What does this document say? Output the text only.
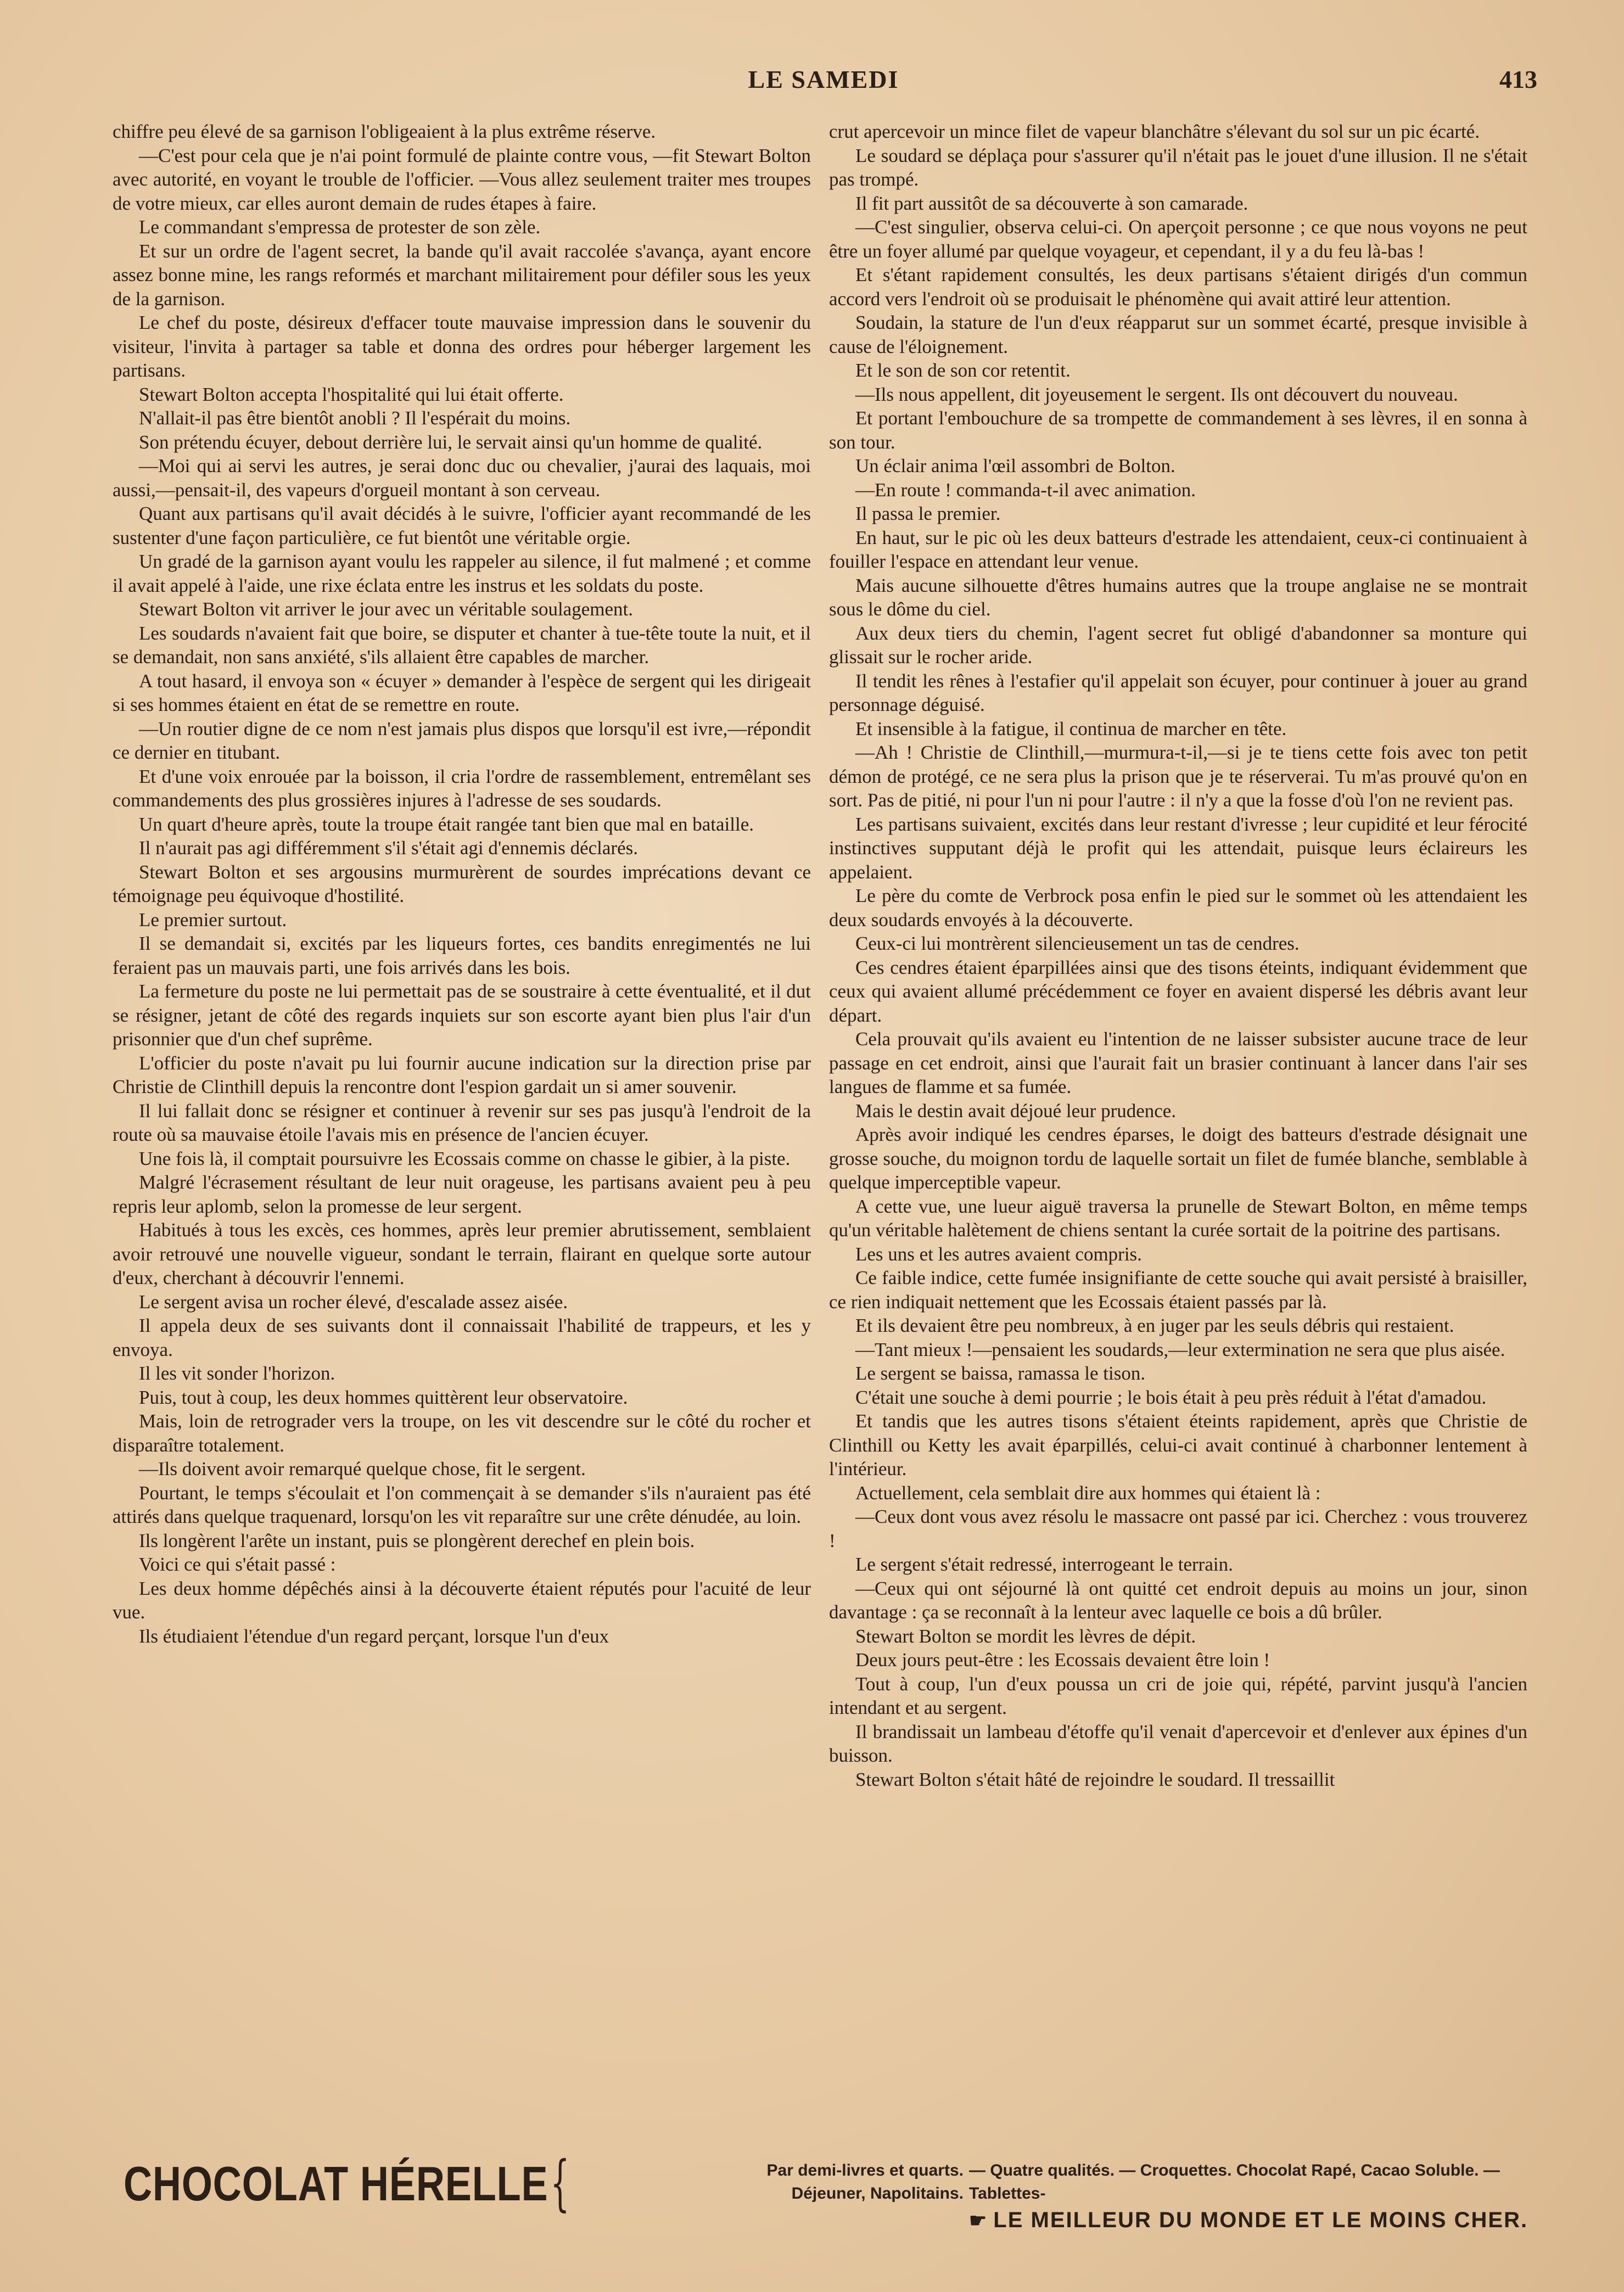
LE SAMEDI	413

chiffre peu élevé de sa garnison l'obligeaient à la plus extrême réserve.

—C'est pour cela que je n'ai point formulé de plainte contre vous, —fit Stewart Bolton avec autorité, en voyant le trouble de l'officier. —Vous allez seulement traiter mes troupes de votre mieux, car elles auront demain de rudes étapes à faire.

Le commandant s'empressa de protester de son zèle.

Et sur un ordre de l'agent secret, la bande qu'il avait raccolée s'avança, ayant encore assez bonne mine, les rangs reformés et marchant militairement pour défiler sous les yeux de la garnison.

Le chef du poste, désireux d'effacer toute mauvaise impression dans le souvenir du visiteur, l'invita à partager sa table et donna des ordres pour héberger largement les partisans.

Stewart Bolton accepta l'hospitalité qui lui était offerte.

N'allait-il pas être bientôt anobli ? Il l'espérait du moins.

Son prétendu écuyer, debout derrière lui, le servait ainsi qu'un homme de qualité.

—Moi qui ai servi les autres, je serai donc duc ou chevalier, j'aurai des laquais, moi aussi,—pensait-il, des vapeurs d'orgueil montant à son cerveau.

Quant aux partisans qu'il avait décidés à le suivre, l'officier ayant recommandé de les sustenter d'une façon particulière, ce fut bientôt une véritable orgie.

Un gradé de la garnison ayant voulu les rappeler au silence, il fut malmené ; et comme il avait appelé à l'aide, une rixe éclata entre les instrus et les soldats du poste.

Stewart Bolton vit arriver le jour avec un véritable soulagement.

Les soudards n'avaient fait que boire, se disputer et chanter à tue-tête toute la nuit, et il se demandait, non sans anxiété, s'ils allaient être capables de marcher.

A tout hasard, il envoya son « écuyer » demander à l'espèce de sergent qui les dirigeait si ses hommes étaient en état de se remettre en route.

—Un routier digne de ce nom n'est jamais plus dispos que lorsqu'il est ivre,—répondit ce dernier en titubant.

Et d'une voix enrouée par la boisson, il cria l'ordre de rassemblement, entremêlant ses commandements des plus grossières injures à l'adresse de ses soudards.

Un quart d'heure après, toute la troupe était rangée tant bien que mal en bataille.

Il n'aurait pas agi différemment s'il s'était agi d'ennemis déclarés.

Stewart Bolton et ses argousins murmurèrent de sourdes imprécations devant ce témoignage peu équivoque d'hostilité.

Le premier surtout.

Il se demandait si, excités par les liqueurs fortes, ces bandits enregimentés ne lui feraient pas un mauvais parti, une fois arrivés dans les bois.

La fermeture du poste ne lui permettait pas de se soustraire à cette éventualité, et il dut se résigner, jetant de côté des regards inquiets sur son escorte ayant bien plus l'air d'un prisonnier que d'un chef suprême.

L'officier du poste n'avait pu lui fournir aucune indication sur la direction prise par Christie de Clinthill depuis la rencontre dont l'espion gardait un si amer souvenir.

Il lui fallait donc se résigner et continuer à revenir sur ses pas jusqu'à l'endroit de la route où sa mauvaise étoile l'avais mis en présence de l'ancien écuyer.

Une fois là, il comptait poursuivre les Ecossais comme on chasse le gibier, à la piste.

Malgré l'écrasement résultant de leur nuit orageuse, les partisans avaient peu à peu repris leur aplomb, selon la promesse de leur sergent.

Habitués à tous les excès, ces hommes, après leur premier abrutissement, semblaient avoir retrouvé une nouvelle vigueur, sondant le terrain, flairant en quelque sorte autour d'eux, cherchant à découvrir l'ennemi.

Le sergent avisa un rocher élevé, d'escalade assez aisée.

Il appela deux de ses suivants dont il connaissait l'habilité de trappeurs, et les y envoya.

Il les vit sonder l'horizon.

Puis, tout à coup, les deux hommes quittèrent leur observatoire.

Mais, loin de retrograder vers la troupe, on les vit descendre sur le côté du rocher et disparaître totalement.

—Ils doivent avoir remarqué quelque chose, fit le sergent.

Pourtant, le temps s'écoulait et l'on commençait à se demander s'ils n'auraient pas été attirés dans quelque traquenard, lorsqu'on les vit reparaître sur une crête dénudée, au loin.

Ils longèrent l'arête un instant, puis se plongèrent derechef en plein bois.

Voici ce qui s'était passé :

Les deux homme dépêchés ainsi à la découverte étaient réputés pour l'acuité de leur vue.

Ils étudiaient l'étendue d'un regard perçant, lorsque l'un d'eux

crut apercevoir un mince filet de vapeur blanchâtre s'élevant du sol sur un pic écarté.

Le soudard se déplaça pour s'assurer qu'il n'était pas le jouet d'une illusion. Il ne s'était pas trompé.

Il fit part aussitôt de sa découverte à son camarade.

—C'est singulier, observa celui-ci. On aperçoit personne ; ce que nous voyons ne peut être un foyer allumé par quelque voyageur, et cependant, il y a du feu là-bas !

Et s'étant rapidement consultés, les deux partisans s'étaient dirigés d'un commun accord vers l'endroit où se produisait le phénomène qui avait attiré leur attention.

Soudain, la stature de l'un d'eux réapparut sur un sommet écarté, presque invisible à cause de l'éloignement.

Et le son de son cor retentit.

—Ils nous appellent, dit joyeusement le sergent. Ils ont découvert du nouveau.

Et portant l'embouchure de sa trompette de commandement à ses lèvres, il en sonna à son tour.

Un éclair anima l'œil assombri de Bolton.

—En route ! commanda-t-il avec animation.

Il passa le premier.

En haut, sur le pic où les deux batteurs d'estrade les attendaient, ceux-ci continuaient à fouiller l'espace en attendant leur venue.

Mais aucune silhouette d'êtres humains autres que la troupe anglaise ne se montrait sous le dôme du ciel.

Aux deux tiers du chemin, l'agent secret fut obligé d'abandonner sa monture qui glissait sur le rocher aride.

Il tendit les rênes à l'estafier qu'il appelait son écuyer, pour continuer à jouer au grand personnage déguisé.

Et insensible à la fatigue, il continua de marcher en tête.

—Ah ! Christie de Clinthill,—murmura-t-il,—si je te tiens cette fois avec ton petit démon de protégé, ce ne sera plus la prison que je te réserverai. Tu m'as prouvé qu'on en sort. Pas de pitié, ni pour l'un ni pour l'autre : il n'y a que la fosse d'où l'on ne revient pas.

Les partisans suivaient, excités dans leur restant d'ivresse ; leur cupidité et leur férocité instinctives supputant déjà le profit qui les attendait, puisque leurs éclaireurs les appelaient.

Le père du comte de Verbrock posa enfin le pied sur le sommet où les attendaient les deux soudards envoyés à la découverte.

Ceux-ci lui montrèrent silencieusement un tas de cendres.

Ces cendres étaient éparpillées ainsi que des tisons éteints, indiquant évidemment que ceux qui avaient allumé précédemment ce foyer en avaient dispersé les débris avant leur départ.

Cela prouvait qu'ils avaient eu l'intention de ne laisser subsister aucune trace de leur passage en cet endroit, ainsi que l'aurait fait un brasier continuant à lancer dans l'air ses langues de flamme et sa fumée.

Mais le destin avait déjoué leur prudence.

Après avoir indiqué les cendres éparses, le doigt des batteurs d'estrade désignait une grosse souche, du moignon tordu de laquelle sortait un filet de fumée blanche, semblable à quelque imperceptible vapeur.

A cette vue, une lueur aiguë traversa la prunelle de Stewart Bolton, en même temps qu'un véritable halètement de chiens sentant la curée sortait de la poitrine des partisans.

Les uns et les autres avaient compris.

Ce faible indice, cette fumée insignifiante de cette souche qui avait persisté à braisiller, ce rien indiquait nettement que les Ecossais étaient passés par là.

Et ils devaient être peu nombreux, à en juger par les seuls débris qui restaient.

—Tant mieux !—pensaient les soudards,—leur extermination ne sera que plus aisée.

Le sergent se baissa, ramassa le tison.

C'était une souche à demi pourrie ; le bois était à peu près réduit à l'état d'amadou.

Et tandis que les autres tisons s'étaient éteints rapidement, après que Christie de Clinthill ou Ketty les avait éparpillés, celui-ci avait continué à charbonner lentement à l'intérieur.

Actuellement, cela semblait dire aux hommes qui étaient là :

—Ceux dont vous avez résolu le massacre ont passé par ici. Cherchez : vous trouverez !

Le sergent s'était redressé, interrogeant le terrain.

—Ceux qui ont séjourné là ont quitté cet endroit depuis au moins un jour, sinon davantage : ça se reconnaît à la lenteur avec laquelle ce bois a dû brûler.

Stewart Bolton se mordit les lèvres de dépit.

Deux jours peut-être : les Ecossais devaient être loin !

Tout à coup, l'un d'eux poussa un cri de joie qui, répété, parvint jusqu'à l'ancien intendant et au sergent.

Il brandissait un lambeau d'étoffe qu'il venait d'apercevoir et d'enlever aux épines d'un buisson.

Stewart Bolton s'était hâté de rejoindre le soudard. Il tressaillit

CHOCOLAT HÉRELLE {	Par demi-livres et quarts.
Déjeuner, Napolitains.
— Quatre qualités. — Croquettes. Chocolat Rapé, Cacao Soluble. — Tablettes-
☛ LE MEILLEUR DU MONDE ET LE MOINS CHER.
